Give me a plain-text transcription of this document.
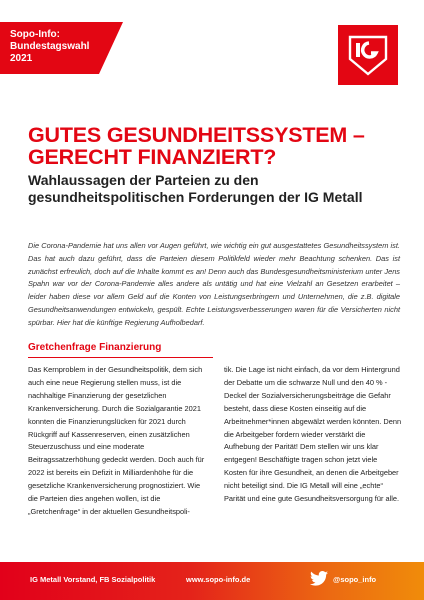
Sopo-Info:
Bundestagswahl
2021
GUTES GESUNDHEITSSYSTEM – GERECHT FINANZIERT?
Wahlaussagen der Parteien zu den gesundheitspolitischen Forderungen der IG Metall

Die Corona-Pandemie hat uns allen vor Augen geführt, wie wichtig ein gut ausgestattetes Gesundheitssystem ist. Das hat auch dazu geführt, dass die Parteien diesem Politikfeld wieder mehr Beachtung schenken. Das ist zunächst erfreulich, doch auf die Inhalte kommt es an! Denn auch das Bundesgesundheitsministerium unter Jens Spahn war vor der Corona-Pandemie alles andere als untätig und hat eine Vielzahl an Gesetzen erarbeitet – leider haben diese vor allem Geld auf die Konten von Leistungserbringern und Unternehmen, die z.B. digitale Gesundheitsanwendungen entwickeln, gespült. Echte Leistungsverbesserungen waren für die Versicherten nicht spürbar. Hier hat die künftige Regierung Aufholbedarf.

Gretchenfrage Finanzierung

Das Kernproblem in der Gesundheitspolitik, dem sich auch eine neue Regierung stellen muss, ist die nachhaltige Finanzierung der gesetzlichen Krankenversicherung. Durch die Sozialgarantie 2021 konnten die Finanzierungslücken für 2021 durch Rückgriff auf Kassenreserven, einen zusätzlichen Steuerzuschuss und eine moderate Beitragssatzerhöhung gedeckt werden. Doch auch für 2022 ist bereits ein Defizit in Milliardenhöhe für die gesetzliche Krankenversicherung prognostiziert. Wie die Parteien dies angehen wollen, ist die „Gretchenfrage“ in der aktuellen Gesundheitspoli-

tik. Die Lage ist nicht einfach, da vor dem Hintergrund der Debatte um die schwarze Null und den 40 % - Deckel der Sozialversicherungsbeiträge die Gefahr besteht, dass diese Kosten einseitig auf die Arbeitnehmer*innen abgewälzt werden könnten. Denn die Arbeitgeber fordern wieder verstärkt die Aufhebung der Parität! Dem stellen wir uns klar entgegen! Beschäftigte tragen schon jetzt viele Kosten für ihre Gesundheit, an denen die Arbeitgeber nicht beteiligt sind. Die IG Metall will eine „echte“ Parität und eine gute Gesundheitsversorgung für alle.

IG Metall Vorstand, FB Sozialpolitik	www.sopo-info.de	@sopo_info
